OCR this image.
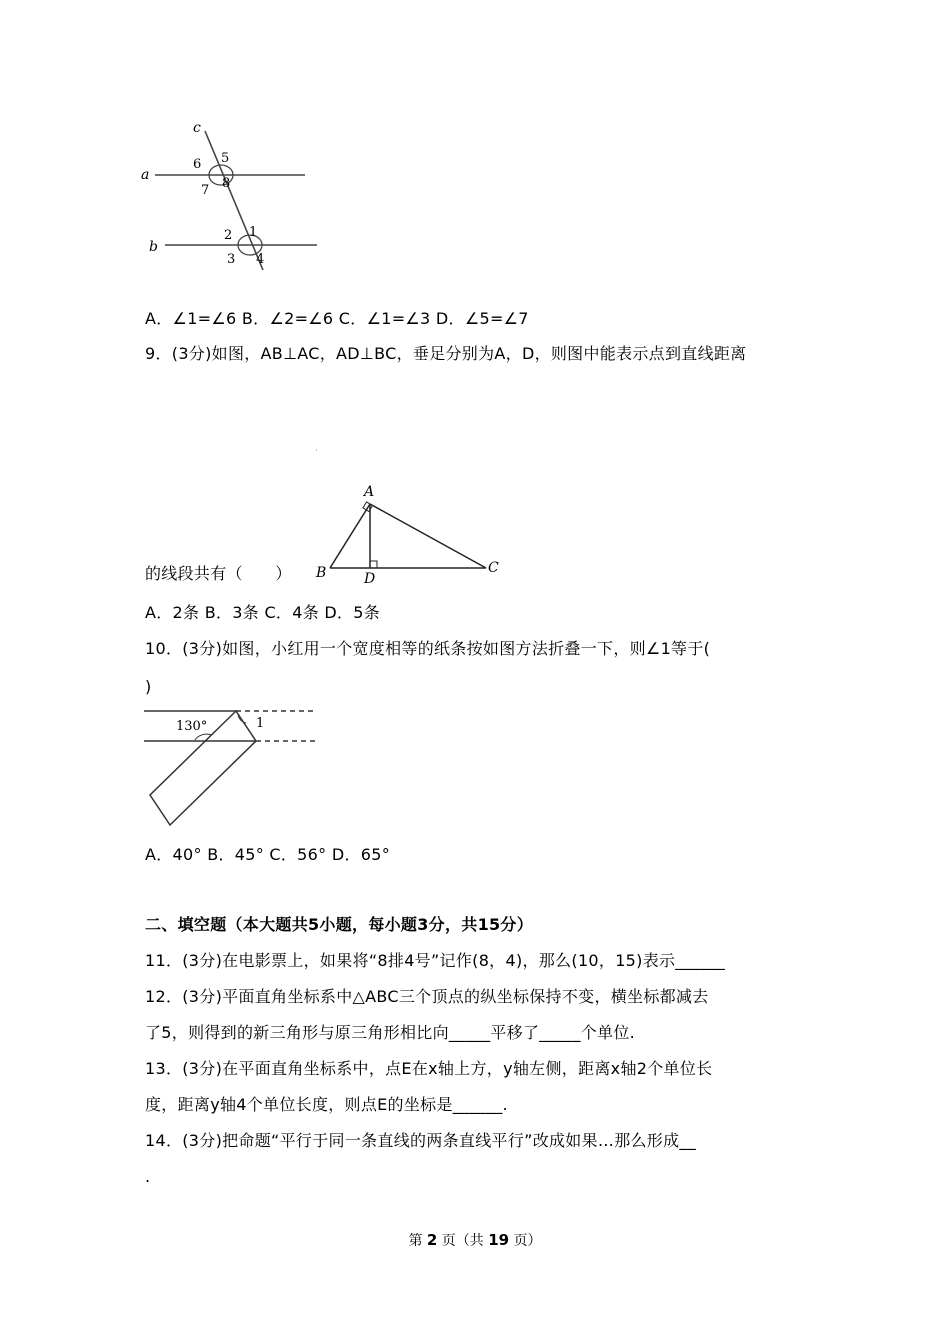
c
a
b
6 5
7 8
2 1
3 4
A．∠1=∠6 B．∠2=∠6 C．∠1=∠3 D．∠5=∠7
9．(3分)如图，AB⊥AC，AD⊥BC，垂足分别为A，D，则图中能表示点到直线距离
A
B	D
C
的线段共有（　　）
A．2条 B．3条 C．4条 D．5条
10．(3分)如图，小红用一个宽度相等的纸条按如图方法折叠一下，则∠1等于(
)
130°	1
A．40° B．45° C．56° D．65°
二、填空题（本大题共5小题，每小题3分，共15分）
11．(3分)在电影票上，如果将“8排4号”记作(8，4)，那么(10，15)表示______
12．(3分)平面直角坐标系中△ABC三个顶点的纵坐标保持不变，横坐标都减去
了5，则得到的新三角形与原三角形相比向_____平移了_____个单位.
13．(3分)在平面直角坐标系中，点E在x轴上方，y轴左侧，距离x轴2个单位长
度，距离y轴4个单位长度，则点E的坐标是______.
14．(3分)把命题“平行于同一条直线的两条直线平行”改成如果…那么形成__
.
第 2 页（共 19 页）
